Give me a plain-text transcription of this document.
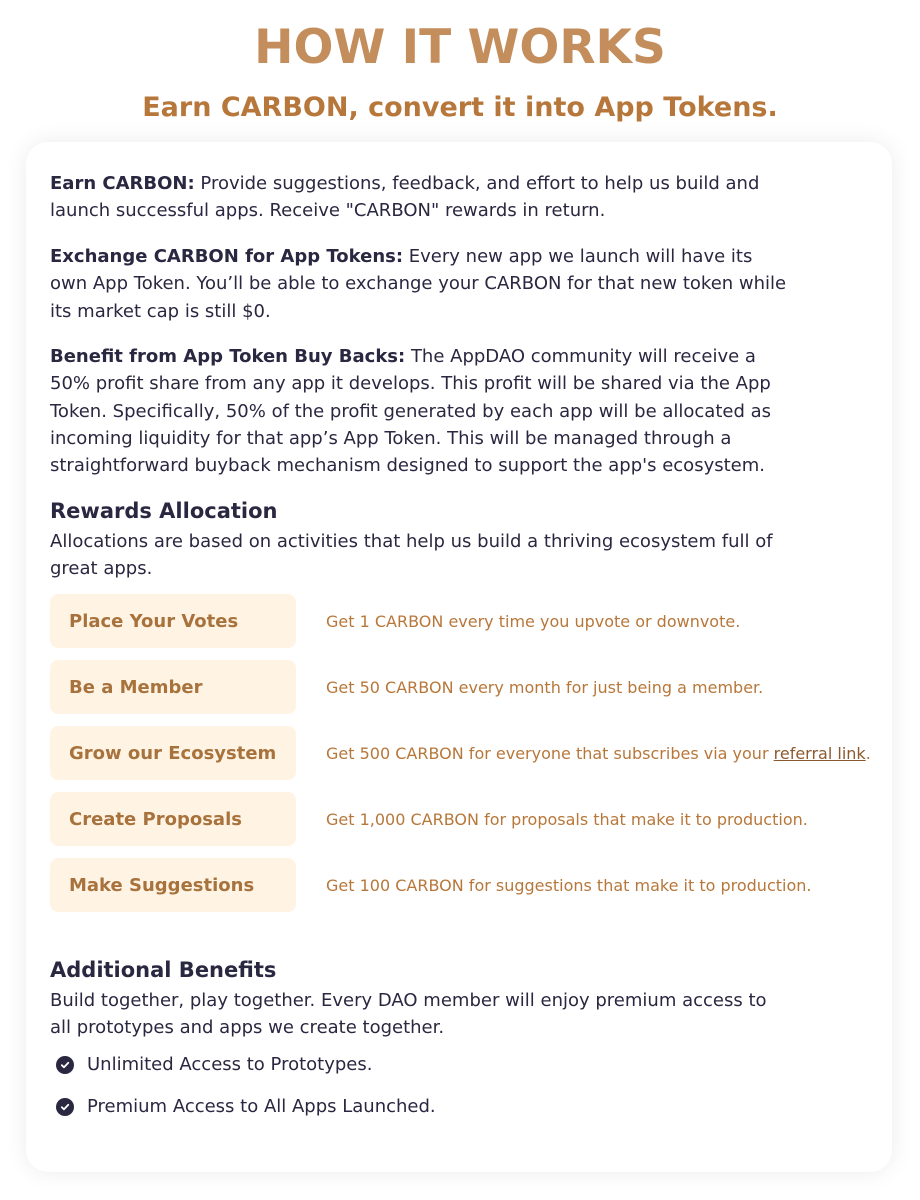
HOW IT WORKS
Earn CARBON, convert it into App Tokens.

Earn CARBON: Provide suggestions, feedback, and effort to help us build and launch successful apps. Receive "CARBON" rewards in return.

Exchange CARBON for App Tokens: Every new app we launch will have its own App Token. You’ll be able to exchange your CARBON for that new token while its market cap is still $0.

Benefit from App Token Buy Backs: The AppDAO community will receive a 50% profit share from any app it develops. This profit will be shared via the App Token. Specifically, 50% of the profit generated by each app will be allocated as incoming liquidity for that app’s App Token. This will be managed through a straightforward buyback mechanism designed to support the app's ecosystem.

Rewards Allocation

Allocations are based on activities that help us build a thriving ecosystem full of great apps.

Place Your Votes	Get 1 CARBON every time you upvote or downvote.
Be a Member	Get 50 CARBON every month for just being a member.
Grow our Ecosystem	Get 500 CARBON for everyone that subscribes via your
referral link .
Create Proposals	Get 1,000 CARBON for proposals that make it to production.
Make Suggestions	Get 100 CARBON for suggestions that make it to production.
Additional Benefits

Build together, play together. Every DAO member will enjoy premium access to all prototypes and apps we create together.

Unlimited Access to Prototypes.
Premium Access to All Apps Launched.
